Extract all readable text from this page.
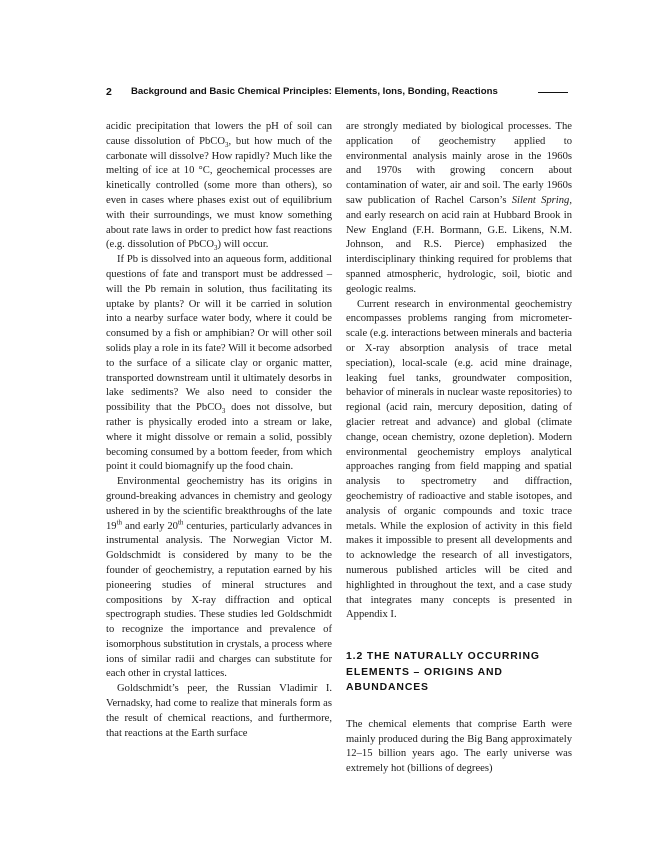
2 Background and Basic Chemical Principles: Elements, Ions, Bonding, Reactions

acidic precipitation that lowers the pH of soil can cause dissolution of PbCO$_3$, but how much of the carbonate will dissolve? How rapidly? Much like the melting of ice at 10 °C, geochemical processes are kinetically controlled (some more than others), so even in cases where phases exist out of equilibrium with their surroundings, we must know something about rate laws in order to predict how fast reactions (e.g. dissolution of PbCO$_3$) will occur.

If Pb is dissolved into an aqueous form, additional questions of fate and transport must be addressed – will the Pb remain in solution, thus facilitating its uptake by plants? Or will it be carried in solution into a nearby surface water body, where it could be consumed by a fish or amphibian? Or will other soil solids play a role in its fate? Will it become adsorbed to the surface of a silicate clay or organic matter, transported downstream until it ultimately desorbs in lake sediments? We also need to consider the possibility that the PbCO$_3$ does not dissolve, but rather is physically eroded into a stream or lake, where it might dissolve or remain a solid, possibly becoming consumed by a bottom feeder, from which point it could biomagnify up the food chain.

Environmental geochemistry has its origins in ground-breaking advances in chemistry and geology ushered in by the scientific breakthroughs of the late 19th and early 20th centuries, particularly advances in instrumental analysis. The Norwegian Victor M. Goldschmidt is considered by many to be the founder of geochemistry, a reputation earned by his pioneering studies of mineral structures and compositions by X-ray diffraction and optical spectrograph studies. These studies led Goldschmidt to recognize the importance and prevalence of isomorphous substitution in crystals, a process where ions of similar radii and charges can substitute for each other in crystal lattices.

Goldschmidt’s peer, the Russian Vladimir I. Vernadsky, had come to realize that minerals form as the result of chemical reactions, and furthermore, that reactions at the Earth surface

are strongly mediated by biological processes. The application of geochemistry applied to environmental analysis mainly arose in the 1960s and 1970s with growing concern about contamination of water, air and soil. The early 1960s saw publication of Rachel Carson’s Silent Spring, and early research on acid rain at Hubbard Brook in New England (F.H. Bormann, G.E. Likens, N.M. Johnson, and R.S. Pierce) emphasized the interdisciplinary thinking required for problems that spanned atmospheric, hydrologic, soil, biotic and geologic realms.

Current research in environmental geochemistry encompasses problems ranging from micrometer-scale (e.g. interactions between minerals and bacteria or X-ray absorption analysis of trace metal speciation), local-scale (e.g. acid mine drainage, leaking fuel tanks, groundwater composition, behavior of minerals in nuclear waste repositories) to regional (acid rain, mercury deposition, dating of glacier retreat and advance) and global (climate change, ocean chemistry, ozone depletion). Modern environmental geochemistry employs analytical approaches ranging from field mapping and spatial analysis to spectrometry and diffraction, geochemistry of radioactive and stable isotopes, and analysis of organic compounds and toxic trace metals. While the explosion of activity in this field makes it impossible to present all developments and to acknowledge the research of all investigators, numerous published articles will be cited and highlighted in throughout the text, and a case study that integrates many concepts is presented in Appendix I.

1.2 THE NATURALLY OCCURRING ELEMENTS – ORIGINS AND ABUNDANCES

The chemical elements that comprise Earth were mainly produced during the Big Bang approximately 12–15 billion years ago. The early universe was extremely hot (billions of degrees)
